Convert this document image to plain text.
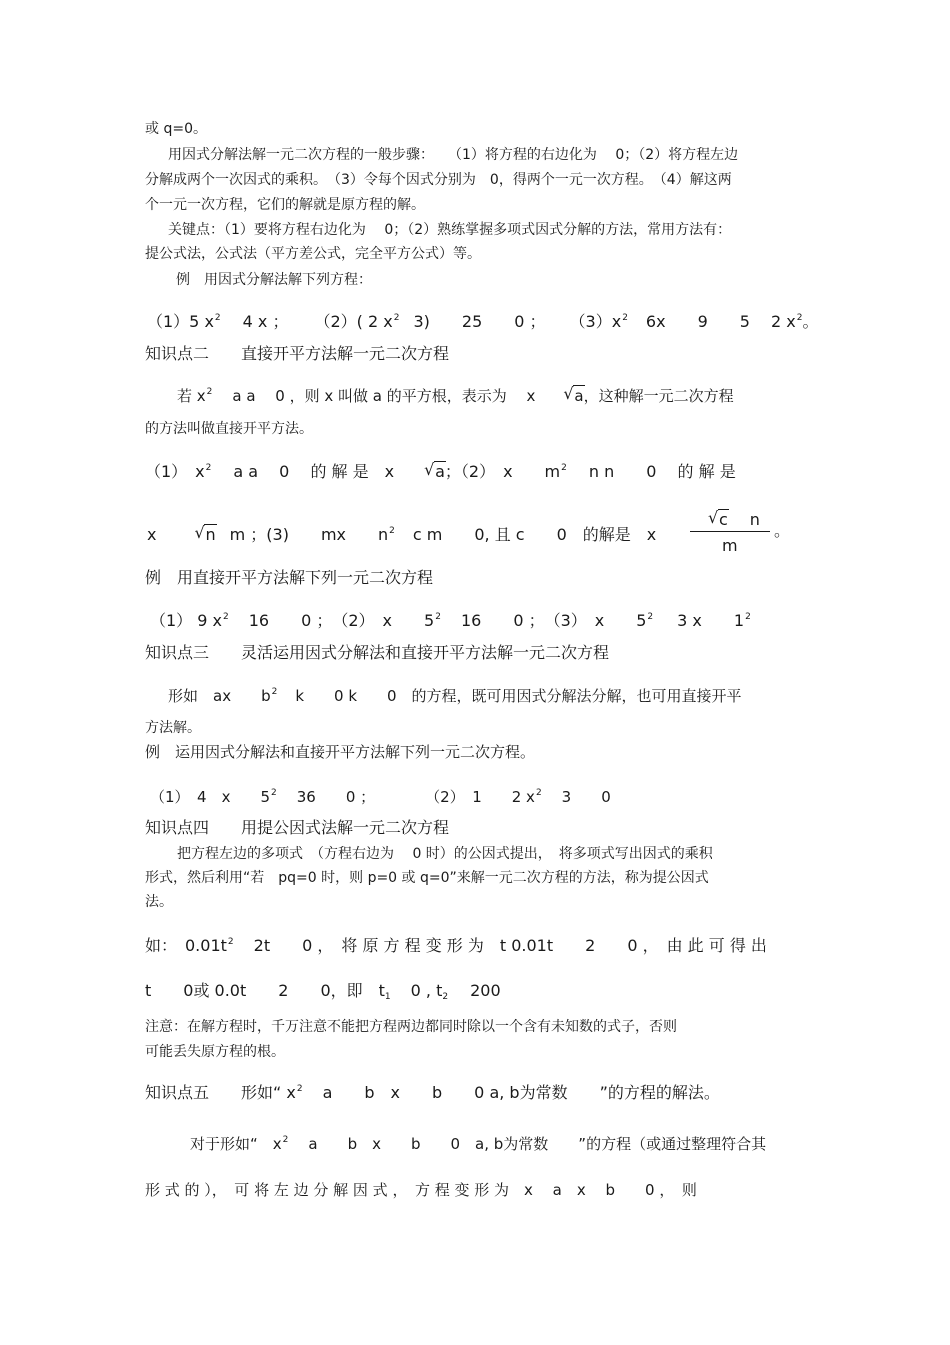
或 q=0。
用因式分解法解一元二次方程的一般步骤：　　（1）将方程的右边化为　 0；（2）将方程左边
分解成两个一次因式的乘积。　（3）令每个因式分别为　0，得两个一元一次方程。　（4）解这两
个一元一次方程，它们的解就是原方程的解。
关键点：（1）要将方程右边化为　 0；（2）熟练掌握多项式因式分解的方法，常用方法有：
提公式法，公式法（平方差公式，完全平方公式）等。
例　用因式分解法解下列方程：
（1）5 $x^2$ 4 x ； （2）( 2 $x^2$ 3)　　25　　0 ； $(3)x^2$ 6x　　9　　5　 2 $x^2$。
知识点二　　直接开平方法解一元二次方程
若 $x^2$ a a　 0 ，则 x 叫做 a 的平方根，表示为　 x	√ a，这种解一元二次方程
的方法叫做直接开平方法。
（1）　$x^2$ a a　 0　 的 解 是　x	√ a；（2）　x　　$m^2$ n n　　0　 的 解 是
x	√ n m ；(3)　　mx　　$n^2$ c m　　0, 且 c　　0　的解是　x
√ c n
m
。
例　用直接开平方法解下列一元二次方程
（1） 9 $x^2$ 16　　0 ；　（2）　x　　$5^2$ 16　　0 ；　（3）　x　　$5^2$ 3 x　　$1^2$
知识点三　　灵活运用因式分解法和直接开平方法解一元二次方程
形如　ax　　$b^2$ k　　0 k　　0　的方程，既可用因式分解法分解，也可用直接开平
方法解。
例　运用因式分解法和直接开平方法解下列一元二次方程。
（1）　4　x　　$5^2$ 36　　0 ；	（2）　1　　2 $x^2$ 3　　0
知识点四　　用提公因式法解一元二次方程
把方程左边的多项式　（方程右边为　 0 时）的公因式提出，　将多项式写出因式的乘积
形式，然后利用“若　pq=0 时，则 p=0 或 q=0”来解一元二次方程的方法，称为提公因式
法。
如：　$0.01t^2$ 2t　　0 ，　将 原 方 程 变 形 为　t 0.01t　　2　　0 ，　由 此 可 得 出
t　　0或 0.0t　　2　　0，即　$t_1$ 0 , $t_2$ 200
注意：在解方程时，千万注意不能把方程两边都同时除以一个含有未知数的式子，否则
可能丢失原方程的根。
知识点五　　形如“ $x^2$ a　　b　x　　b　　0 a, b为常数　　”的方程的解法。
对于形如“　$x^2$ a　　b　x　　b　　0　a, b为常数　　”的方程（或通过整理符合其
形 式 的 ），　可 将 左 边 分 解 因 式 ，　方 程 变 形 为　x　 a　x　 b　　0 ，　则
